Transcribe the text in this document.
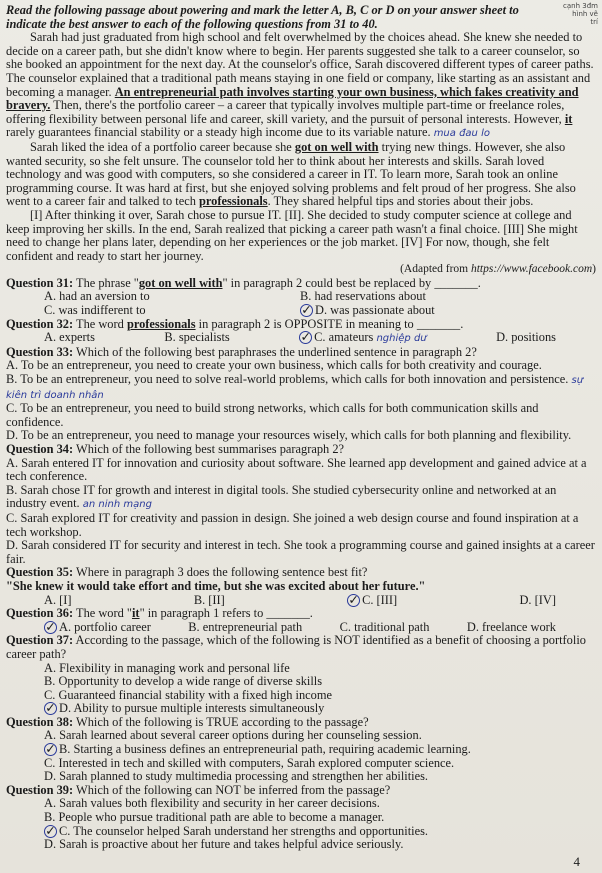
cạnh 3đm
hình vẽ
trí

Read the following passage about powering and mark the letter A, B, C or D on your answer sheet to indicate the best answer to each of the following questions from 31 to 40.

Sarah had just graduated from high school and felt overwhelmed by the choices ahead. She knew she needed to decide on a career path, but she didn't know where to begin. Her parents suggested she talk to a career counselor, so she booked an appointment for the next day. At the counselor's office, Sarah discovered different types of career paths. The counselor explained that a traditional path means staying in one field or company, like starting as an assistant and becoming a manager. An entrepreneurial path involves starting your own business, which fakes creativity and bravery. Then, there's the portfolio career – a career that typically involves multiple part-time or freelance roles, offering flexibility between personal life and career, skill variety, and the pursuit of personal interests. However, it rarely guarantees financial stability or a steady high income due to its variable nature. mua đau lo

Sarah liked the idea of a portfolio career because she got on well with trying new things. However, she also wanted security, so she felt unsure. The counselor told her to think about her interests and skills. Sarah loved technology and was good with computers, so she considered a career in IT. To learn more, Sarah took an online programming course. It was hard at first, but she enjoyed solving problems and felt proud of her progress. She also went to a career fair and talked to tech professionals. They shared helpful tips and stories about their jobs.

[I] After thinking it over, Sarah chose to pursue IT. [II]. She decided to study computer science at college and keep improving her skills. In the end, Sarah realized that picking a career path wasn't a final choice. [III] She might need to change her plans later, depending on her experiences or the job market. [IV] For now, though, she felt confident and ready to start her journey.

(Adapted from https://www.facebook.com)

Question 31: The phrase "got on well with" in paragraph 2 could best be replaced by _______.

A. had an aversion to	B. had reservations about
C. was indifferent to	✓ D. was passionate about

Question 32: The word professionals in paragraph 2 is OPPOSITE in meaning to _______.

A. experts	B. specialists	✓ C. amateurs nghiệp dư	D. positions

Question 33: Which of the following best paraphrases the underlined sentence in paragraph 2?

A. To be an entrepreneur, you need to create your own business, which calls for both creativity and courage.

B. To be an entrepreneur, you need to solve real-world problems, which calls for both innovation and persistence. sự kiên trì doanh nhân

C. To be an entrepreneur, you need to build strong networks, which calls for both communication skills and confidence.

D. To be an entrepreneur, you need to manage your resources wisely, which calls for both planning and flexibility.

Question 34: Which of the following best summarises paragraph 2?

A. Sarah entered IT for innovation and curiosity about software. She learned app development and gained advice at a tech conference.

B. Sarah chose IT for growth and interest in digital tools. She studied cybersecurity online and networked at an industry event. an ninh mạng

C. Sarah explored IT for creativity and passion in design. She joined a web design course and found inspiration at a tech workshop.

D. Sarah considered IT for security and interest in tech. She took a programming course and gained insights at a career fair.

Question 35: Where in paragraph 3 does the following sentence best fit?

"She knew it would take effort and time, but she was excited about her future."

A. [I]	B. [II]	✓ C. [III]	D. [IV]

Question 36: The word "it" in paragraph 1 refers to _______.

✓ A. portfolio career	B. entrepreneurial path	C. traditional path	D. freelance work

Question 37: According to the passage, which of the following is NOT identified as a benefit of choosing a portfolio career path?

A. Flexibility in managing work and personal life

B. Opportunity to develop a wide range of diverse skills

C. Guaranteed financial stability with a fixed high income

✓ D. Ability to pursue multiple interests simultaneously

Question 38: Which of the following is TRUE according to the passage?

A. Sarah learned about several career options during her counseling session.

✓ B. Starting a business defines an entrepreneurial path, requiring academic learning.

C. Interested in tech and skilled with computers, Sarah explored computer science.

D. Sarah planned to study multimedia processing and strengthen her abilities.

Question 39: Which of the following can NOT be inferred from the passage?

A. Sarah values both flexibility and security in her career decisions.

B. People who pursue traditional path are able to become a manager.

✓ C. The counselor helped Sarah understand her strengths and opportunities.

D. Sarah is proactive about her future and takes helpful advice seriously.

4
